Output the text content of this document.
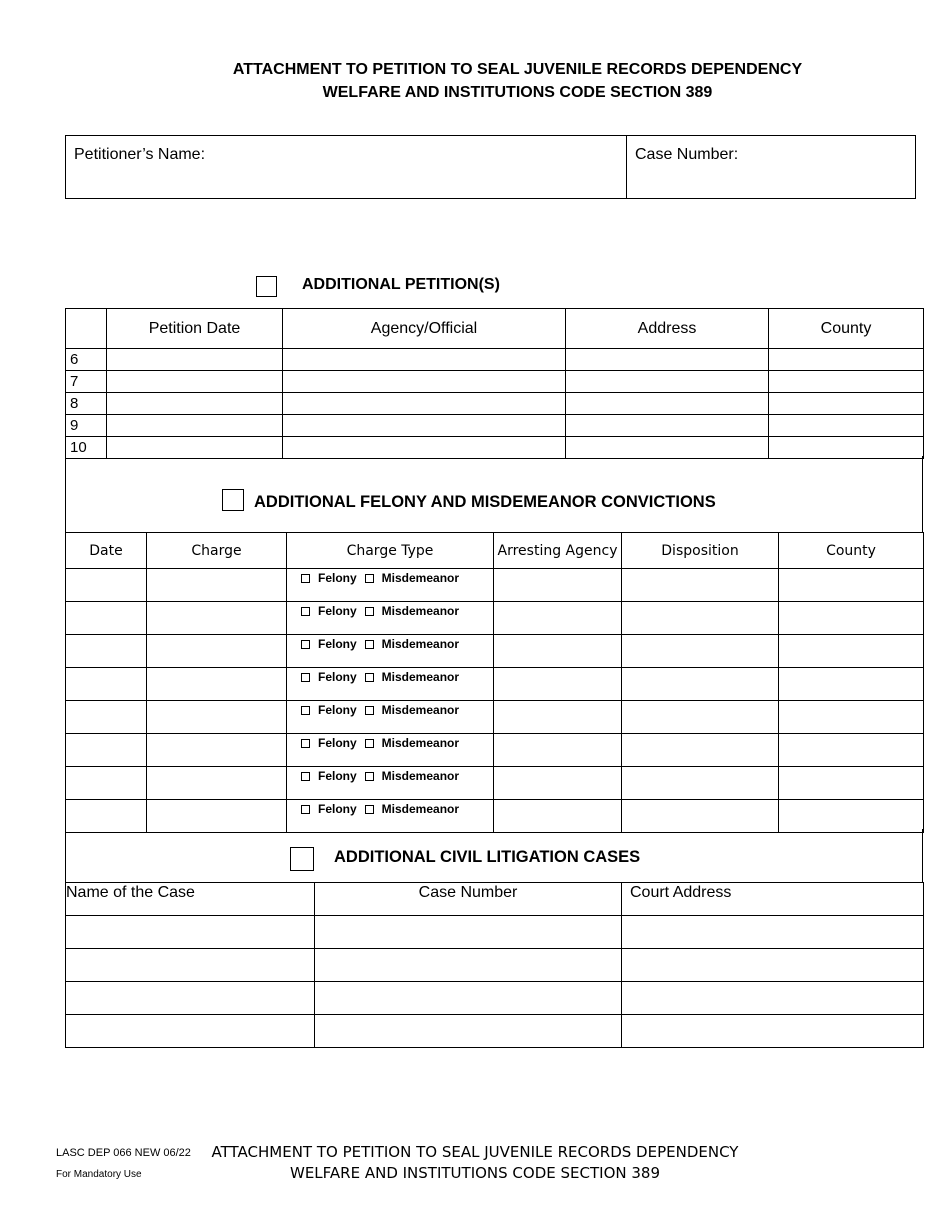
ATTACHMENT TO PETITION TO SEAL JUVENILE RECORDS DEPENDENCY
WELFARE AND INSTITUTIONS CODE SECTION 389
Petitioner’s Name:	Case Number:
ADDITIONAL PETITION(S)
	Petition Date	Agency/Official	Address	County
6				
7				
8				
9				
10				
ADDITIONAL FELONY AND MISDEMEANOR CONVICTIONS
Date	Charge	Charge Type	Arresting Agency	Disposition	County

		Felony Misdemeanor			

		Felony Misdemeanor			

		Felony Misdemeanor			

		Felony Misdemeanor			

		Felony Misdemeanor			

		Felony Misdemeanor			

		Felony Misdemeanor			

		Felony Misdemeanor			

ADDITIONAL CIVIL LITIGATION CASES
Name of the Case	Case Number	Court Address

LASC DEP 066 NEW 06/22
For Mandatory Use
ATTACHMENT TO PETITION TO SEAL JUVENILE RECORDS DEPENDENCY
WELFARE AND INSTITUTIONS CODE SECTION 389
